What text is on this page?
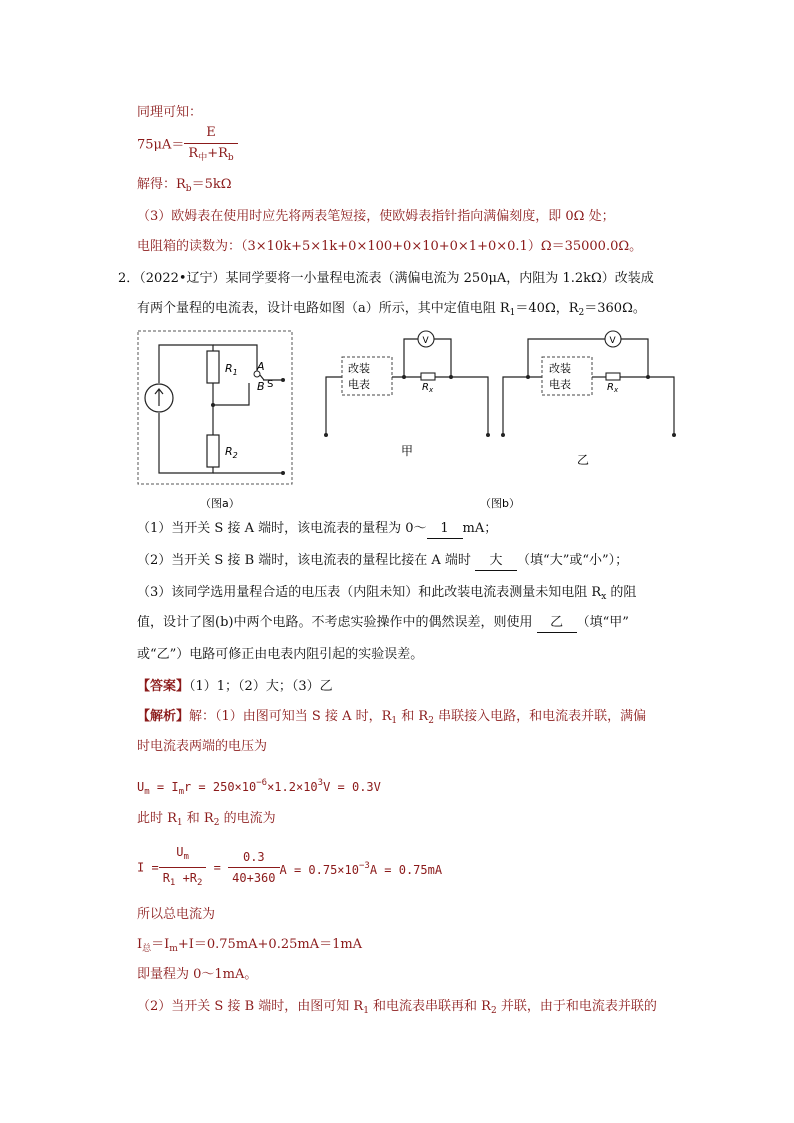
同理可知：
$75\mu A= \frac{E}{R_中+R_b}$
解得：$R_b=5k\Omega$
（3）欧姆表在使用时应先将两表笔短接，使欧姆表指针指向满偏刻度，即 0Ω 处；
电阻箱的读数为：（3×10k+5×1k+0×100+0×10+0×1+0×0.1）Ω＝35000.0Ω。
2．（2022•辽宁）某同学要将一小量程电流表（满偏电流为 250μA，内阻为 1.2kΩ）改装成
有两个量程的电流表，设计电路如图（a）所示，其中定值电阻 $R_1=40\Omega$，$R_2=360\Omega$。
$R_1$
$R_2$
A
B S
（图a）
V
改装
电表	$R_x$
甲
V
改装
电表	$R_x$
乙
（图b）
（1）当开关 S 接 A 端时，该电流表的量程为 0～ 1 mA；
（2）当开关 S 接 B 端时，该电流表的量程比接在 A 端时 大 （填“大”或“小”）；
（3）该同学选用量程合适的电压表（内阻未知）和此改装电流表测量未知电阻 $R_x$ 的阻
值，设计了图(b)中两个电路。不考虑实验操作中的偶然误差，则使用 乙 （填“甲”
或“乙”）电路可修正由电表内阻引起的实验误差。
【答案】（1）1；（2）大；（3）乙
【解析】解：（1）由图可知当 S 接 A 时，$R_1$ 和 $R_2$ 串联接入电路，和电流表并联，满偏
时电流表两端的电压为
$U_m = I_mr = 250\times 10^{-6}\times 1.2\times 10^3V = 0.3V$
此时 $R_1$ 和 $R_2$ 的电流为
$I = \frac{U_m}{R_1 +R_2} = \frac{0.3}{40+360}$ $A = 0.75\times 10^{-3}A = 0.75mA$
所以总电流为
$I_总=I_m+I=0.75mA+0.25mA=1mA$
即量程为 0～1mA。
（2）当开关 S 接 B 端时，由图可知 $R_1$ 和电流表串联再和 $R_2$ 并联，由于和电流表并联的
